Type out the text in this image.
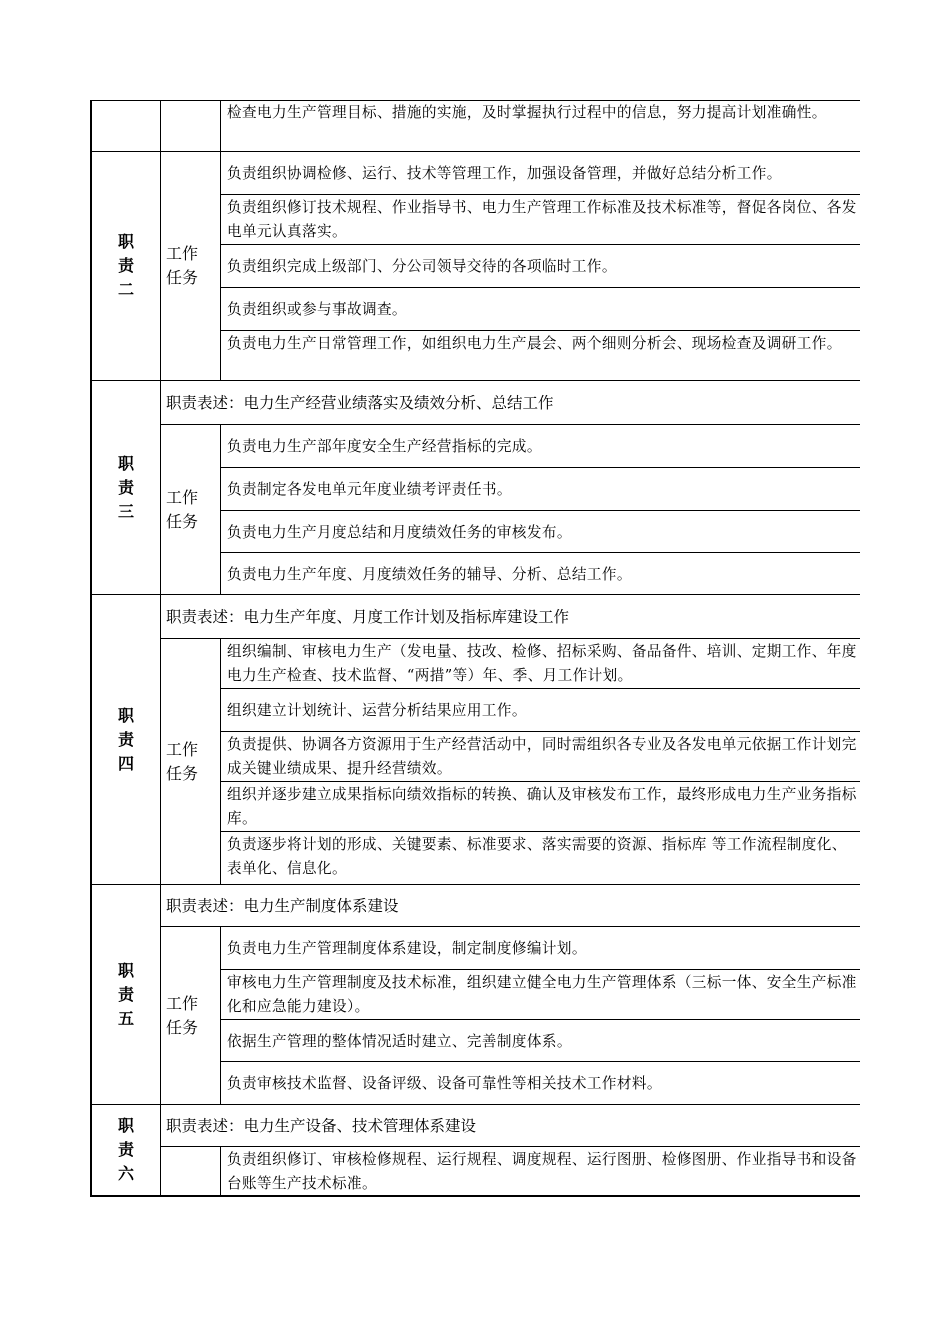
检查电力生产管理目标、措施的实施，及时掌握执行过程中的信息，努力提高计划准确性。
职
责
二
工作任务
负责组织协调检修、运行、技术等管理工作，加强设备管理，并做好总结分析工作。
负责组织修订技术规程、作业指导书、电力生产管理工作标准及技术标准等，督促各岗位、各发电单元认真落实。
负责组织完成上级部门、分公司领导交待的各项临时工作。
负责组织或参与事故调查。
负责电力生产日常管理工作，如组织电力生产晨会、两个细则分析会、现场检查及调研工作。
职
责
三
职责表述：电力生产经营业绩落实及绩效分析、总结工作
工作任务
负责电力生产部年度安全生产经营指标的完成。
负责制定各发电单元年度业绩考评责任书。
负责电力生产月度总结和月度绩效任务的审核发布。
负责电力生产年度、月度绩效任务的辅导、分析、总结工作。
职
责
四
职责表述：电力生产年度、月度工作计划及指标库建设工作
工作任务
组织编制、审核电力生产（发电量、技改、检修、招标采购、备品备件、培训、定期工作、年度电力生产检查、技术监督、“两措”等）年、季、月工作计划。
组织建立计划统计、运营分析结果应用工作。
负责提供、协调各方资源用于生产经营活动中，同时需组织各专业及各发电单元依据工作计划完成关键业绩成果、提升经营绩效。
组织并逐步建立成果指标向绩效指标的转换、确认及审核发布工作，最终形成电力生产业务指标库。
负责逐步将计划的形成、关键要素、标准要求、落实需要的资源、指标库 等工作流程制度化、表单化、信息化。
职
责
五
职责表述：电力生产制度体系建设
工作任务
负责电力生产管理制度体系建设，制定制度修编计划。
审核电力生产管理制度及技术标准，组织建立健全电力生产管理体系（三标一体、安全生产标准化和应急能力建设）。
依据生产管理的整体情况适时建立、完善制度体系。
负责审核技术监督、设备评级、设备可靠性等相关技术工作材料。
职
责
六
职责表述：电力生产设备、技术管理体系建设
负责组织修订、审核检修规程、运行规程、调度规程、运行图册、检修图册、作业指导书和设备台账等生产技术标准。
